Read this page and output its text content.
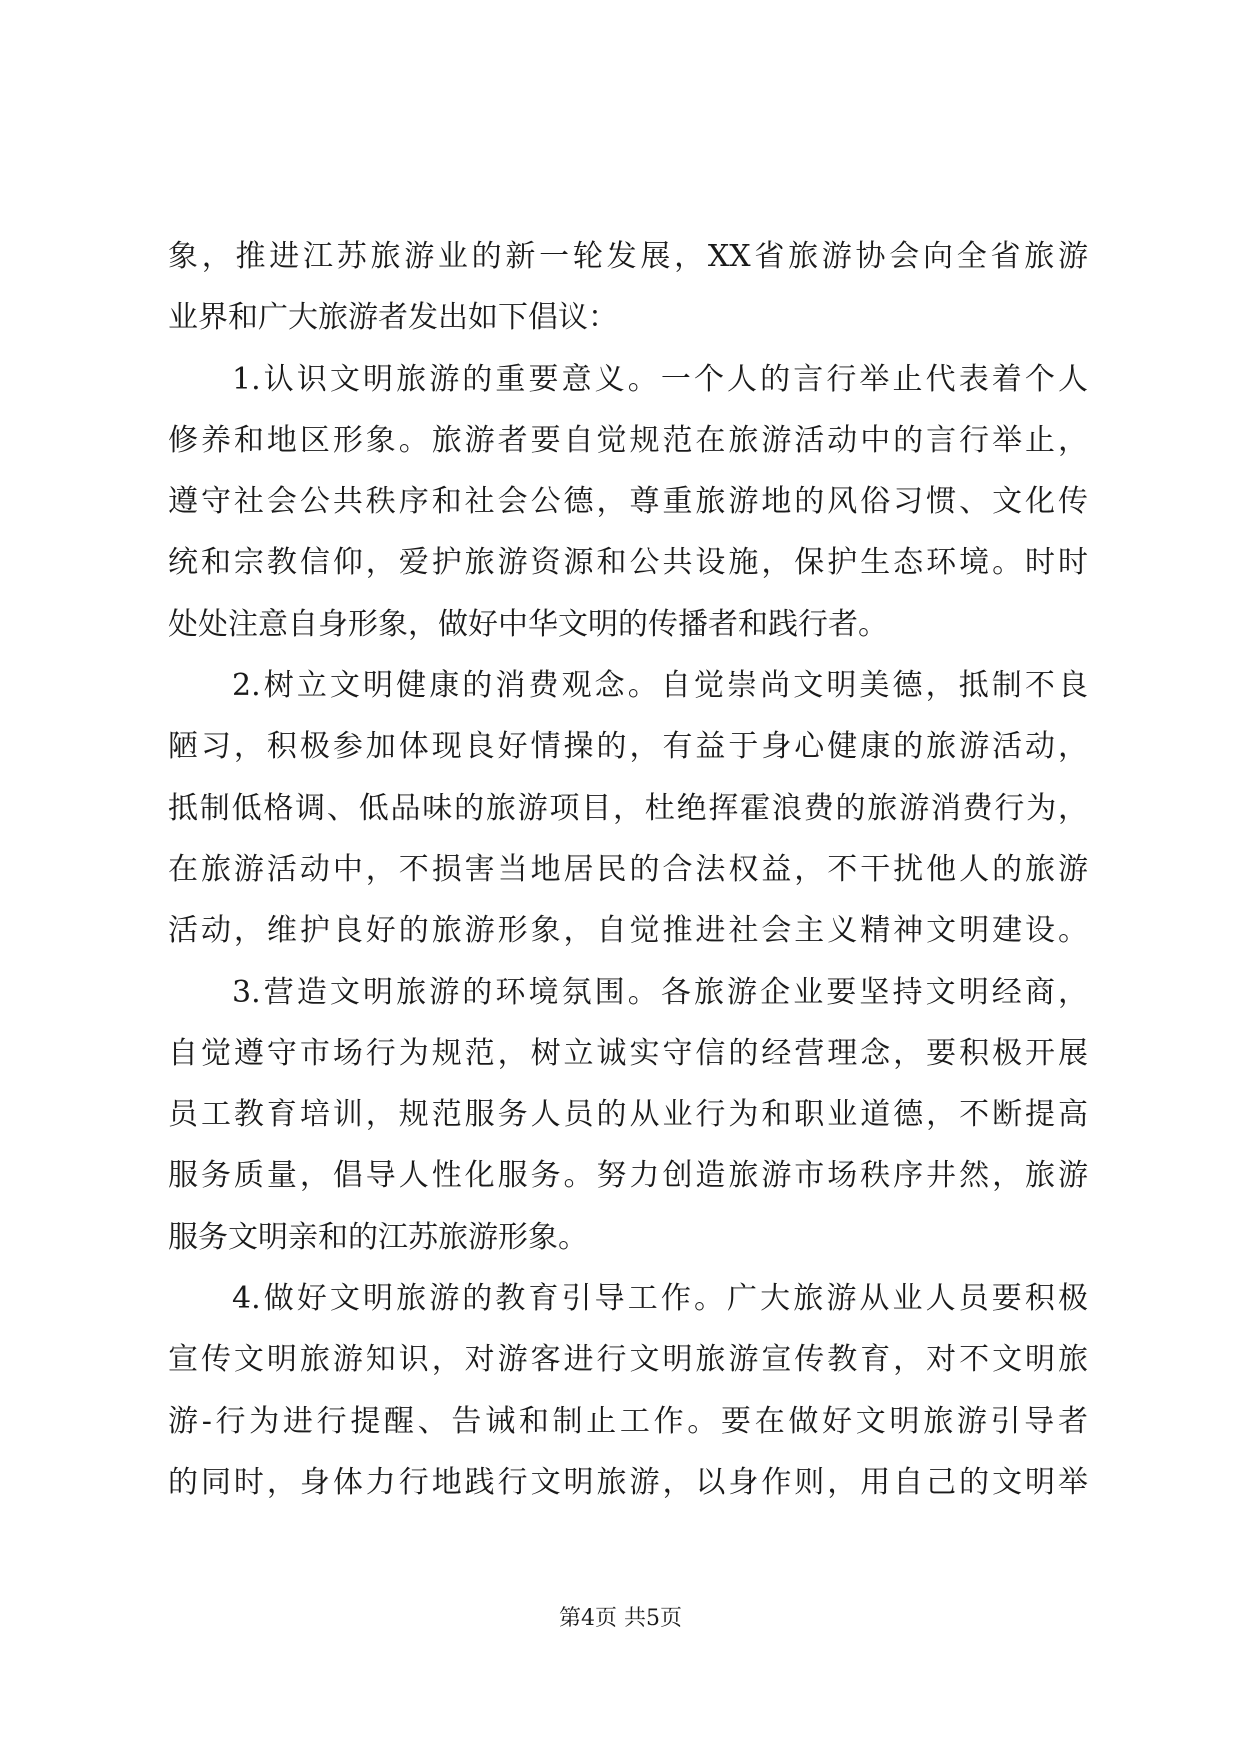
象，推进江苏旅游业的新一轮发展，XX省旅游协会向全省旅游
业界和广大旅游者发出如下倡议：
1.认识文明旅游的重要意义。一个人的言行举止代表着个人
修养和地区形象。旅游者要自觉规范在旅游活动中的言行举止，
遵守社会公共秩序和社会公德，尊重旅游地的风俗习惯、文化传
统和宗教信仰，爱护旅游资源和公共设施，保护生态环境。时时
处处注意自身形象，做好中华文明的传播者和践行者。
2.树立文明健康的消费观念。自觉崇尚文明美德，抵制不良
陋习，积极参加体现良好情操的，有益于身心健康的旅游活动，
抵制低格调、低品味的旅游项目，杜绝挥霍浪费的旅游消费行为，
在旅游活动中，不损害当地居民的合法权益，不干扰他人的旅游
活动，维护良好的旅游形象，自觉推进社会主义精神文明建设。
3.营造文明旅游的环境氛围。各旅游企业要坚持文明经商，
自觉遵守市场行为规范，树立诚实守信的经营理念，要积极开展
员工教育培训，规范服务人员的从业行为和职业道德，不断提高
服务质量，倡导人性化服务。努力创造旅游市场秩序井然，旅游
服务文明亲和的江苏旅游形象。
4.做好文明旅游的教育引导工作。广大旅游从业人员要积极
宣传文明旅游知识，对游客进行文明旅游宣传教育，对不文明旅
游-行为进行提醒、告诫和制止工作。要在做好文明旅游引导者
的同时，身体力行地践行文明旅游，以身作则，用自己的文明举
第4页 共5页
